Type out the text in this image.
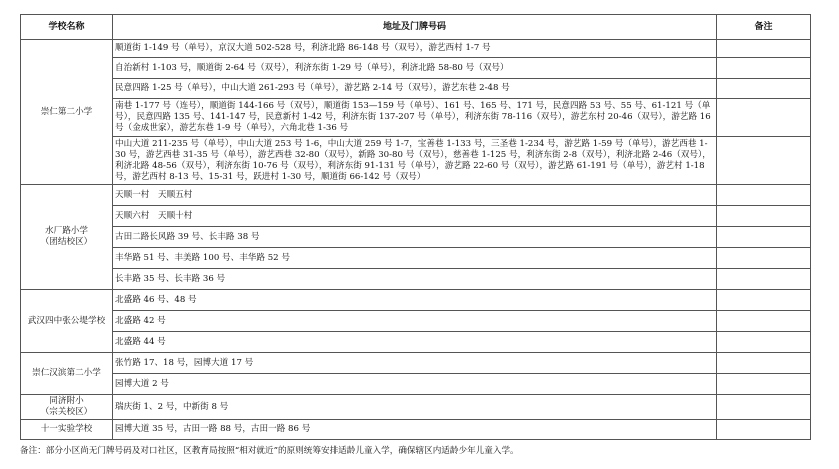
学校名称	地址及门牌号码	备注
崇仁第二小学	顺道街 1-149 号（单号），京汉大道 502-528 号，利济北路 86-148 号（双号），游艺西村 1-7 号	
	自治新村 1-103 号，顺道街 2-64 号（双号），利济东街 1-29 号（单号），利济北路 58-80 号（双号）	
	民意四路 1-25 号（单号），中山大道 261-293 号（单号），游艺路 2-14 号（双号），游艺东巷 2-48 号	
	南巷 1-177 号（连号），顺道街 144-166 号（双号），顺道街 153—159 号（单号）、161 号、165 号、171 号，民意四路 53 号、55 号、61-121 号（单号），民意四路 135 号、141-147 号，民意新村 1-42 号，利济东街 137-207 号（单号），利济东街 78-116（双号），游艺东村 20-46（双号），游艺路 16 号（金成世家），游艺东巷 1-9 号（单号），六角北巷 1-36 号	
	中山大道 211-235 号（单号），中山大道 253 号 1-6，中山大道 259 号 1-7，宝善巷 1-133 号，三圣巷 1-234 号，游艺路 1-59 号（单号），游艺西巷 1-30 号，游艺西巷 31-35 号（单号），游艺西巷 32-80（双号），新路 30-80 号（双号），慈善巷 1-125 号，利济东街 2-8（双号），利济北路 2-46（双号），利济北路 48-56（双号），利济东街 10-76 号（双号），利济东街 91-131 号（单号），游艺路 22-60 号（双号），游艺路 61-191 号（单号），游艺村 1-18 号，游艺西村 8-13 号、15-31 号，跃进村 1-30 号，顺道街 66-142 号（双号）	
水厂路小学
（团结校区）	天顺一村　天顺五村	
	天顺六村　天顺十村	
	古田二路长风路 39 号、长丰路 38 号	
	丰华路 51 号、丰美路 100 号、丰华路 52 号	
	长丰路 35 号、长丰路 36 号	
武汉四中张公堤学校	北盛路 46 号、48 号	
	北盛路 42 号	
	北盛路 44 号	
崇仁汉滨第二小学	张竹路 17、18 号，园博大道 17 号	
	园博大道 2 号	
同济附小
（宗关校区）	瑞庆街 1、2 号，中新街 8 号	
十一实验学校	园博大道 35 号，古田一路 88 号，古田一路 86 号	
备注：部分小区尚无门牌号码及对口社区，区教育局按照“相对就近”的原则统筹安排适龄儿童入学，确保辖区内适龄少年儿童入学。
